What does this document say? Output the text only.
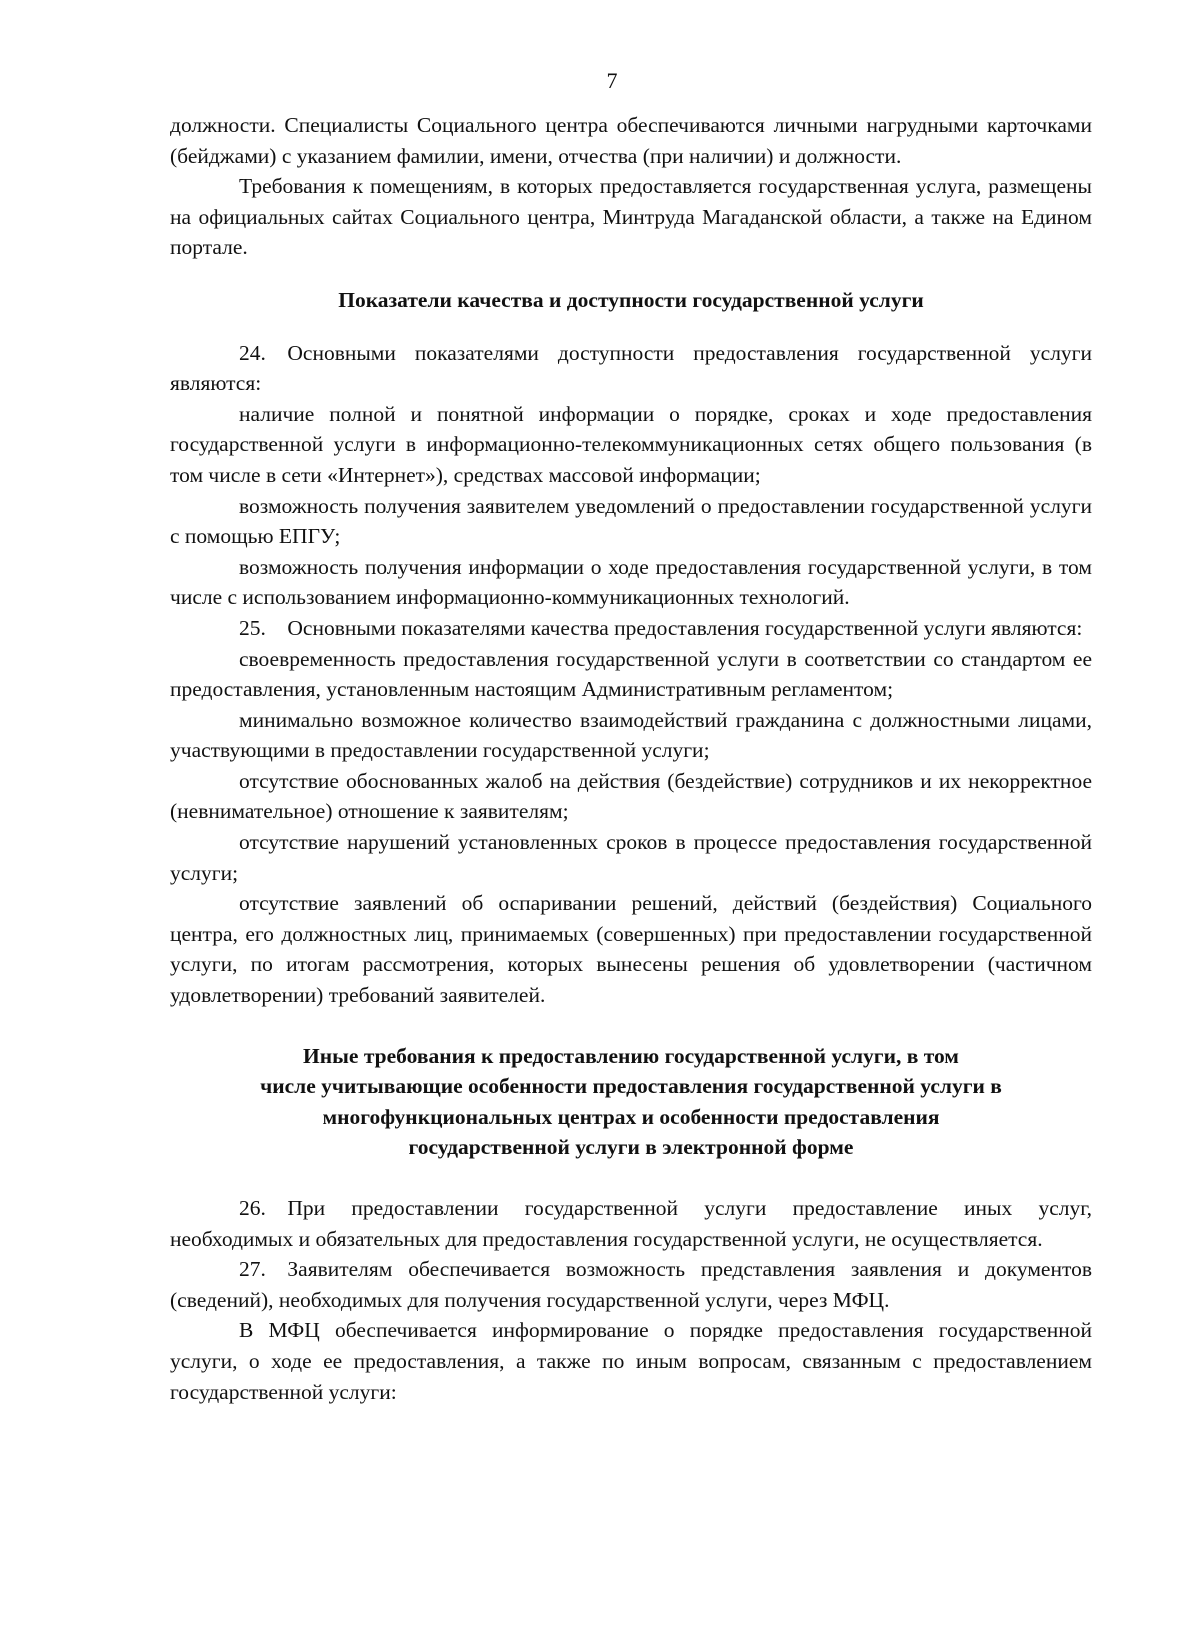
7

должности. Специалисты Социального центра обеспечиваются личными нагрудными карточками (бейджами) с указанием фамилии, имени, отчества (при наличии) и должности.

Требования к помещениям, в которых предоставляется государственная услуга, размещены на официальных сайтах Социального центра, Минтруда Магаданской области, а также на Едином портале.

Показатели качества и доступности государственной услуги

24. Основными показателями доступности предоставления государственной услуги являются:

наличие полной и понятной информации о порядке, сроках и ходе предоставления государственной услуги в информационно-телекоммуникационных сетях общего пользования (в том числе в сети «Интернет»), средствах массовой информации;

возможность получения заявителем уведомлений о предоставлении государственной услуги с помощью ЕПГУ;

возможность получения информации о ходе предоставления государственной услуги, в том числе с использованием информационно-коммуникационных технологий.

25. Основными показателями качества предоставления государственной услуги являются:

своевременность предоставления государственной услуги в соответствии со стандартом ее предоставления, установленным настоящим Административным регламентом;

минимально возможное количество взаимодействий гражданина с должностными лицами, участвующими в предоставлении государственной услуги;

отсутствие обоснованных жалоб на действия (бездействие) сотрудников и их некорректное (невнимательное) отношение к заявителям;

отсутствие нарушений установленных сроков в процессе предоставления государственной услуги;

отсутствие заявлений об оспаривании решений, действий (бездействия) Социального центра, его должностных лиц, принимаемых (совершенных) при предоставлении государственной услуги, по итогам рассмотрения, которых вынесены решения об удовлетворении (частичном удовлетворении) требований заявителей.

Иные требования к предоставлению государственной услуги, в том

числе учитывающие особенности предоставления государственной услуги в

многофункциональных центрах и особенности предоставления

государственной услуги в электронной форме

26. При предоставлении государственной услуги предоставление иных услуг, необходимых и обязательных для предоставления государственной услуги, не осуществляется.

27. Заявителям обеспечивается возможность представления заявления и документов (сведений), необходимых для получения государственной услуги, через МФЦ.

В МФЦ обеспечивается информирование о порядке предоставления государственной услуги, о ходе ее предоставления, а также по иным вопросам, связанным с предоставлением государственной услуги:
